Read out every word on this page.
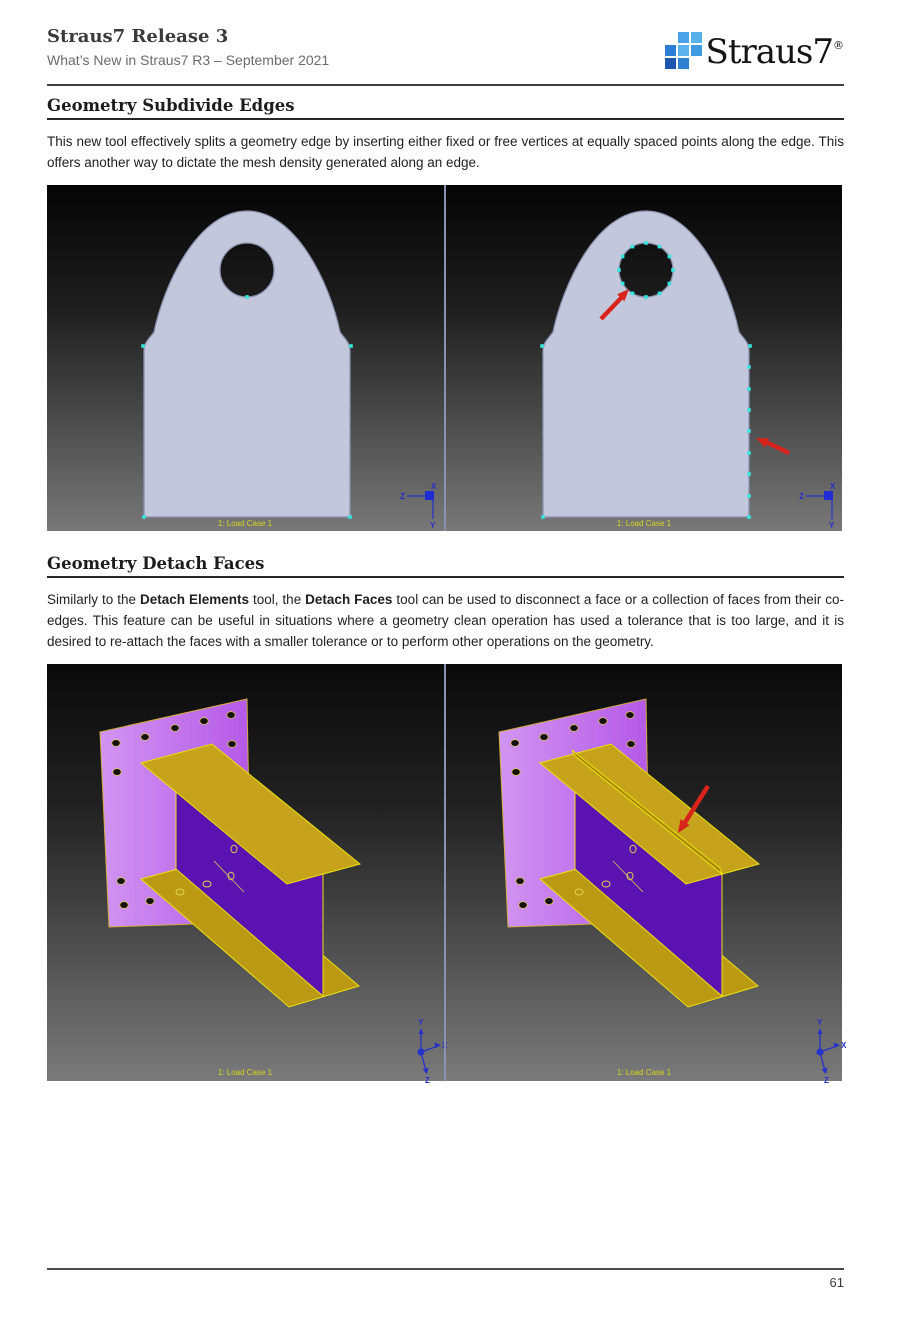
Straus7 Release 3
What’s New in Straus7 R3 – September 2021	Straus7®
Geometry Subdivide Edges

This new tool effectively splits a geometry edge by inserting either fixed or free vertices at equally spaced points along the edge. This offers another way to dictate the mesh density generated along an edge.

Z
X
1: Load Case 1	1: Load Case 1
Geometry Detach Faces

Similarly to the Detach Elements tool, the Detach Faces tool can be used to disconnect a face or a collection of faces from their co-edges. This feature can be useful in situations where a geometry clean operation has used a tolerance that is too large, and it is desired to re-attach the faces with a smaller tolerance or to perform other operations on the geometry.

Y
X
1: Load Case 1	1: Load Case 1
61
